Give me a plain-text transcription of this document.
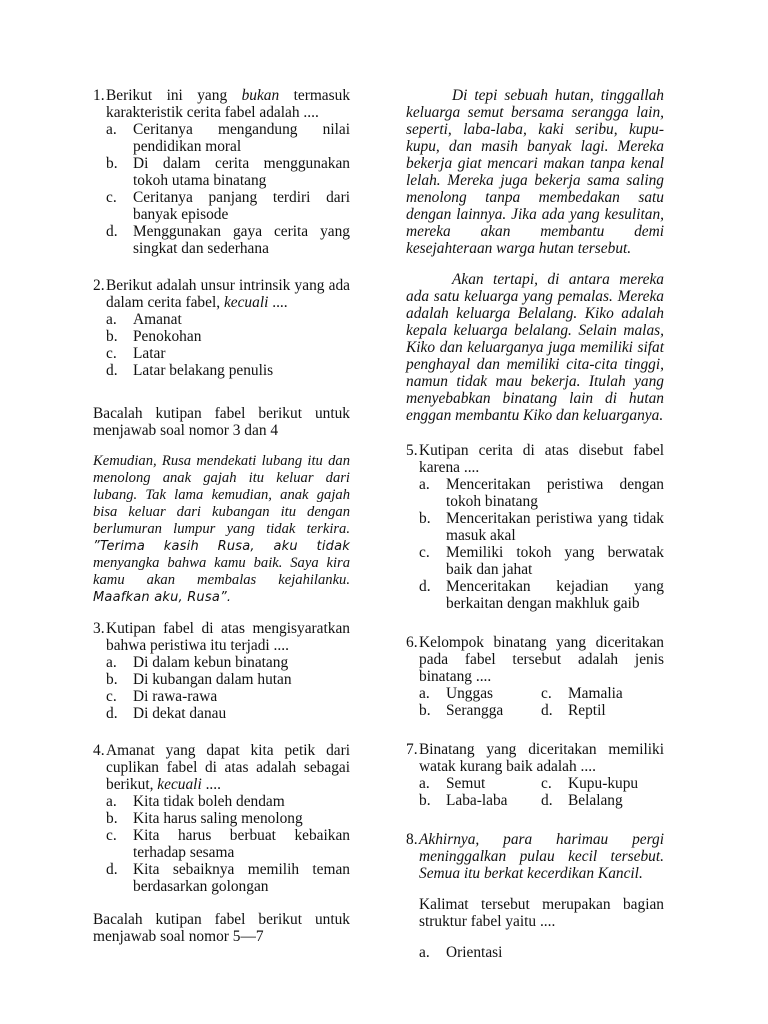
1. Berikut ini yang bukan termasuk karakteristik cerita fabel adalah ....
a.	Ceritanya mengandung nilai pendidikan moral
b.	Di dalam cerita menggunakan tokoh utama binatang
c.	Ceritanya panjang terdiri dari banyak episode
d.	Menggunakan gaya cerita yang singkat dan sederhana
2. Berikut adalah unsur intrinsik yang ada dalam cerita fabel, kecuali ....
a.	Amanat
b.	Penokohan
c.	Latar
d.	Latar belakang penulis

Bacalah kutipan fabel berikut untuk menjawab soal nomor 3 dan 4

Kemudian, Rusa mendekati lubang itu dan menolong anak gajah itu keluar dari lubang. Tak lama kemudian, anak gajah bisa keluar dari kubangan itu dengan berlumuran lumpur yang tidak terkira. ”Terima kasih Rusa, aku tidak menyangka bahwa kamu baik. Saya kira kamu akan membalas kejahilanku. Maafkan aku, Rusa”.

3. Kutipan fabel di atas mengisyaratkan bahwa peristiwa itu terjadi ....
a.	Di dalam kebun binatang
b.	Di kubangan dalam hutan
c.	Di rawa-rawa
d.	Di dekat danau
4. Amanat yang dapat kita petik dari cuplikan fabel di atas adalah sebagai berikut, kecuali ....
a.	Kita tidak boleh dendam
b.	Kita harus saling menolong
c.	Kita harus berbuat kebaikan terhadap sesama
d.	Kita sebaiknya memilih teman berdasarkan golongan

Bacalah kutipan fabel berikut untuk menjawab soal nomor 5—7

Di tepi sebuah hutan, tinggallah keluarga semut bersama serangga lain, seperti, laba-laba, kaki seribu, kupu-kupu, dan masih banyak lagi. Mereka bekerja giat mencari makan tanpa kenal lelah. Mereka juga bekerja sama saling menolong tanpa membedakan satu dengan lainnya. Jika ada yang kesulitan, mereka akan membantu demi kesejahteraan warga hutan tersebut.

Akan tertapi, di antara mereka ada satu keluarga yang pemalas. Mereka adalah keluarga Belalang. Kiko adalah kepala keluarga belalang. Selain malas, Kiko dan keluarganya juga memiliki sifat penghayal dan memiliki cita-cita tinggi, namun tidak mau bekerja. Itulah yang menyebabkan binatang lain di hutan enggan membantu Kiko dan keluarganya.

5. Kutipan cerita di atas disebut fabel karena ....
a.	Menceritakan peristiwa dengan tokoh binatang
b.	Menceritakan peristiwa yang tidak masuk akal
c.	Memiliki tokoh yang berwatak baik dan jahat
d.	Menceritakan kejadian yang berkaitan dengan makhluk gaib
6. Kelompok binatang yang diceritakan pada fabel tersebut adalah jenis binatang ....
a.	Unggas	c.	Mamalia
b.	Serangga d.	Reptil
7. Binatang yang diceritakan memiliki watak kurang baik adalah ....
a.	Semut	c.	Kupu-kupu
b.	Laba-laba d.	Belalang
8. Akhirnya, para harimau pergi meninggalkan pulau kecil tersebut. Semua itu berkat kecerdikan Kancil.

Kalimat tersebut merupakan bagian struktur fabel yaitu ....

a.	Orientasi
